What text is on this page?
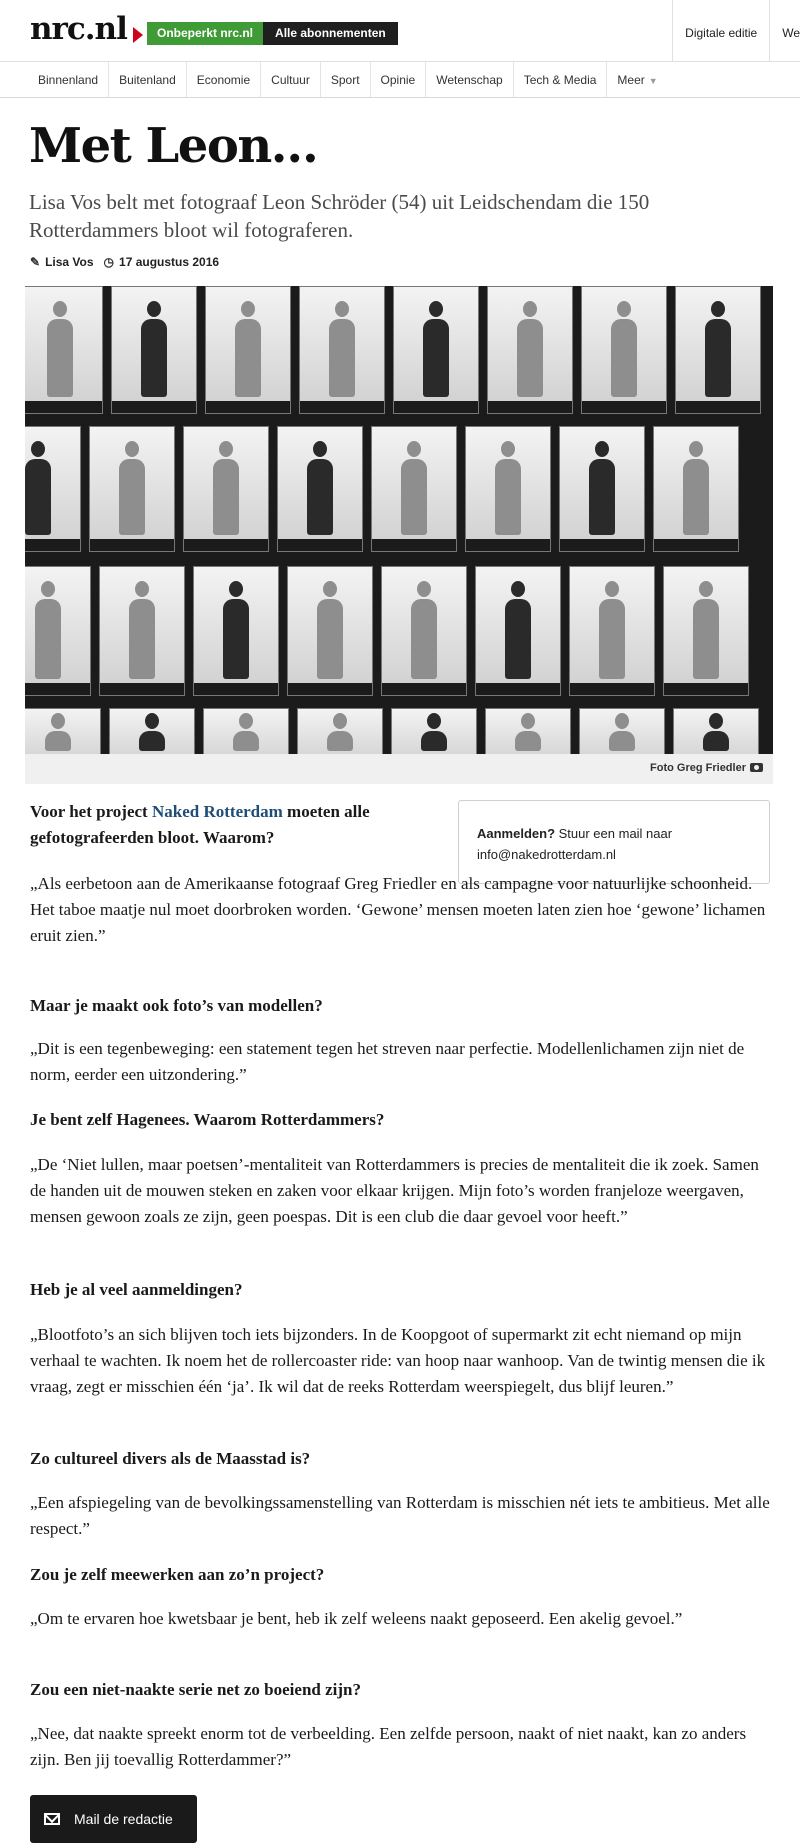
nrc.nl	Onbeperkt nrc.nl	Alle abonnementen	Digitale editie	We
Binnenland	Buitenland	Economie	Cultuur	Sport	Opinie	Wetenschap	Tech & Media	Meer ▼
Met Leon…

Lisa Vos belt met fotograaf Leon Schröder (54) uit Leidschendam die 150 Rotterdammers bloot wil fotograferen.

✎ Lisa Vos ◷ 17 augustus 2016
Foto Greg Friedler
Aanmelden? Stuur een mail naar
info@nakedrotterdam.nl
Voor het project Naked Rotterdam moeten alle gefotografeerden bloot. Waarom?
„Als eerbetoon aan de Amerikaanse fotograaf Greg Friedler en als campagne voor natuurlijke schoonheid. Het taboe maatje nul moet doorbroken worden. ‘Gewone’ mensen moeten laten zien hoe ‘gewone’ lichamen eruit zien.”
Maar je maakt ook foto’s van modellen?
„Dit is een tegenbeweging: een statement tegen het streven naar perfectie. Modellenlichamen zijn niet de norm, eerder een uitzondering.”
Je bent zelf Hagenees. Waarom Rotterdammers?
„De ‘Niet lullen, maar poetsen’-mentaliteit van Rotterdammers is precies de mentaliteit die ik zoek. Samen de handen uit de mouwen steken en zaken voor elkaar krijgen. Mijn foto’s worden franjeloze weergaven, mensen gewoon zoals ze zijn, geen poespas. Dit is een club die daar gevoel voor heeft.”
Heb je al veel aanmeldingen?
„Blootfoto’s an sich blijven toch iets bijzonders. In de Koopgoot of supermarkt zit echt niemand op mijn verhaal te wachten. Ik noem het de rollercoaster ride: van hoop naar wanhoop. Van de twintig mensen die ik vraag, zegt er misschien één ‘ja’. Ik wil dat de reeks Rotterdam weerspiegelt, dus blijf leuren.”
Zo cultureel divers als de Maasstad is?
„Een afspiegeling van de bevolkingssamenstelling van Rotterdam is misschien nét iets te ambitieus. Met alle respect.”
Zou je zelf meewerken aan zo’n project?
„Om te ervaren hoe kwetsbaar je bent, heb ik zelf weleens naakt geposeerd. Een akelig gevoel.”
Zou een niet-naakte serie net zo boeiend zijn?
„Nee, dat naakte spreekt enorm tot de verbeelding. Een zelfde persoon, naakt of niet naakt, kan zo anders zijn. Ben jij toevallig Rotterdammer?”
Mail de redactie
